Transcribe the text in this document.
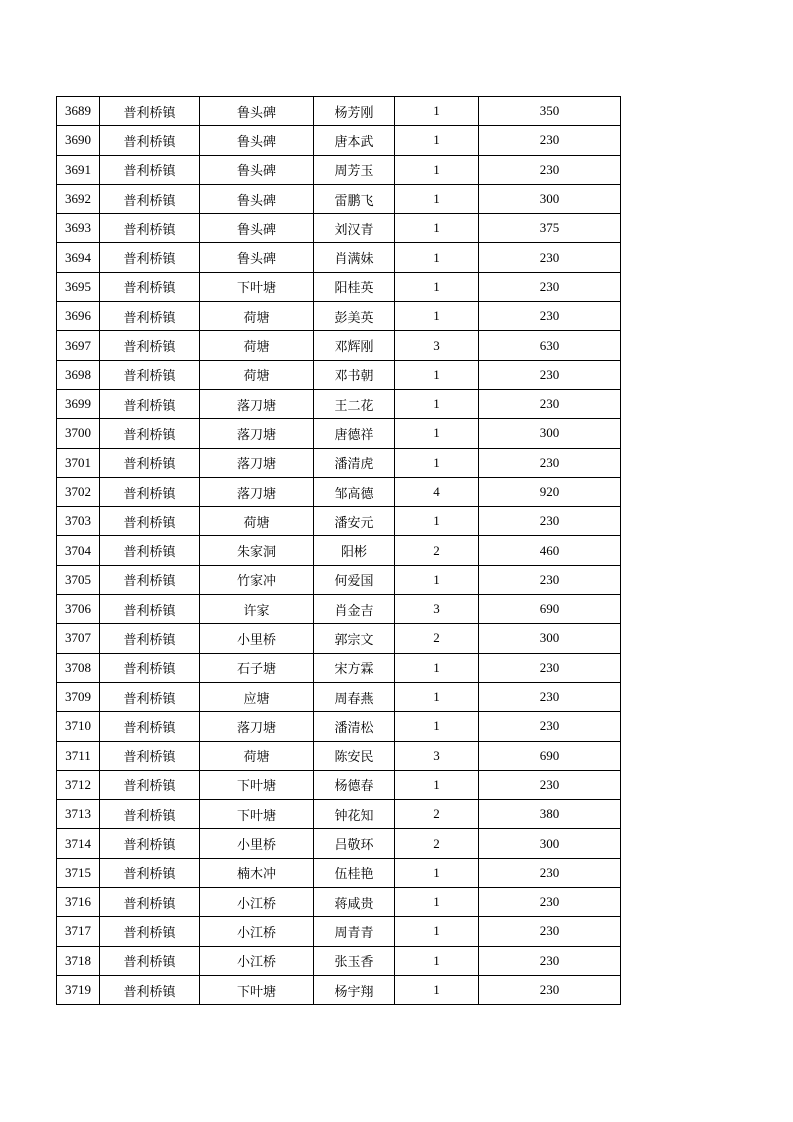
3689	普利桥镇	鲁头碑	杨芳刚	1	350
3690	普利桥镇	鲁头碑	唐本武	1	230
3691	普利桥镇	鲁头碑	周芳玉	1	230
3692	普利桥镇	鲁头碑	雷鹏飞	1	300
3693	普利桥镇	鲁头碑	刘汉青	1	375
3694	普利桥镇	鲁头碑	肖满妹	1	230
3695	普利桥镇	下叶塘	阳桂英	1	230
3696	普利桥镇	荷塘	彭美英	1	230
3697	普利桥镇	荷塘	邓辉刚	3	630
3698	普利桥镇	荷塘	邓书朝	1	230
3699	普利桥镇	落刀塘	王二花	1	230
3700	普利桥镇	落刀塘	唐德祥	1	300
3701	普利桥镇	落刀塘	潘清虎	1	230
3702	普利桥镇	落刀塘	邹高德	4	920
3703	普利桥镇	荷塘	潘安元	1	230
3704	普利桥镇	朱家洞	阳彬	2	460
3705	普利桥镇	竹家冲	何爱国	1	230
3706	普利桥镇	许家	肖金吉	3	690
3707	普利桥镇	小里桥	郭宗文	2	300
3708	普利桥镇	石子塘	宋方霖	1	230
3709	普利桥镇	应塘	周春燕	1	230
3710	普利桥镇	落刀塘	潘清松	1	230
3711	普利桥镇	荷塘	陈安民	3	690
3712	普利桥镇	下叶塘	杨德春	1	230
3713	普利桥镇	下叶塘	钟花知	2	380
3714	普利桥镇	小里桥	吕敬环	2	300
3715	普利桥镇	楠木冲	伍桂艳	1	230
3716	普利桥镇	小江桥	蒋咸贵	1	230
3717	普利桥镇	小江桥	周青青	1	230
3718	普利桥镇	小江桥	张玉香	1	230
3719	普利桥镇	下叶塘	杨宇翔	1	230
